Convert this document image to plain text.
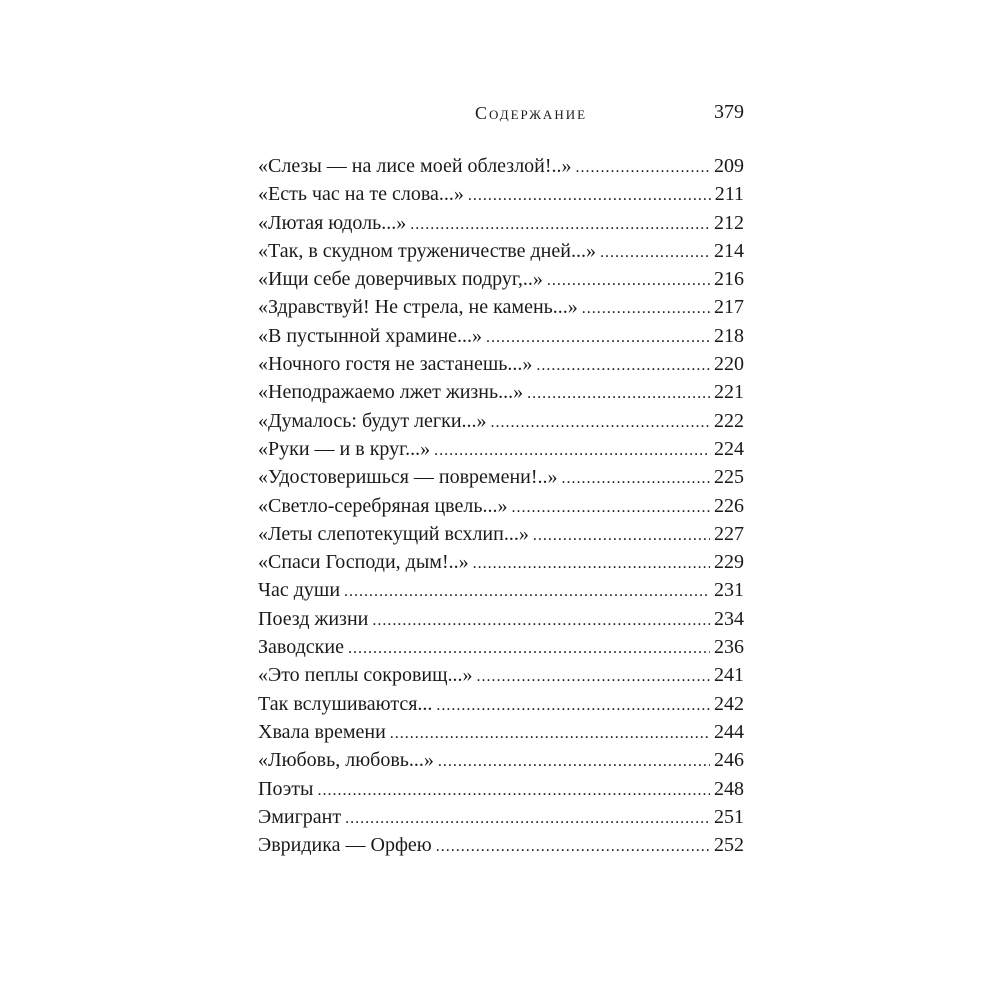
Содержание	379
«Слезы — на лисе моей облезлой!..» . . .	209
«Есть час на те слова...» . . .	211
«Лютая юдоль...» . . .	212
«Так, в скудном труженичестве дней...» . . .	214
«Ищи себе доверчивых подруг,..» . . .	216
«Здравствуй! Не стрела, не камень...» . . .	217
«В пустынной храмине...» . . .	218
«Ночного гостя не застанешь...» . . .	220
«Неподражаемо лжет жизнь...» . . .	221
«Думалось: будут легки...» . . .	222
«Руки — и в круг...» . . .	224
«Удостоверишься — повремени!..» . . .	225
«Светло-серебряная цвель...» . . .	226
«Леты слепотекущий всхлип...» . . .	227
«Спаси Господи, дым!..» . . .	229
Час души . . .	231
Поезд жизни . . .	234
Заводские . . .	236
«Это пеплы сокровищ...» . . .	241
Так вслушиваются... . . .	242
Хвала времени . . .	244
«Любовь, любовь...» . . .	246
Поэты . . .	248
Эмигрант . . .	251
Эвридика — Орфею . . .	252
